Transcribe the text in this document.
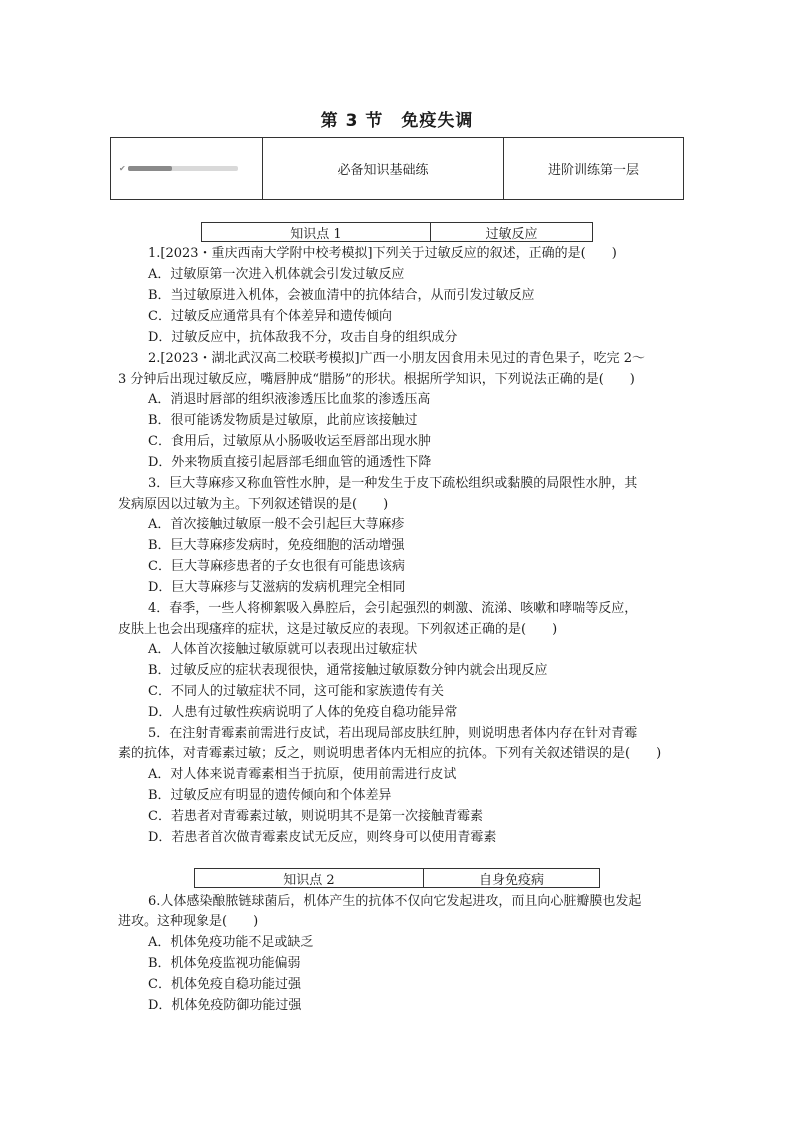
第 3 节　免疫失调
✔	必备知识基础练	进阶训练第一层
知识点 1	过敏反应
知识点 2	自身免疫病
1.[2023・重庆西南大学附中校考模拟]下列关于过敏反应的叙述，正确的是(　　)
A．过敏原第一次进入机体就会引发过敏反应
B．当过敏原进入机体，会被血清中的抗体结合，从而引发过敏反应
C．过敏反应通常具有个体差异和遗传倾向
D．过敏反应中，抗体敌我不分，攻击自身的组织成分
2.[2023・湖北武汉高二校联考模拟]广西一小朋友因食用未见过的青色果子，吃完 2～
3 分钟后出现过敏反应，嘴唇肿成“腊肠”的形状。根据所学知识，下列说法正确的是(　　)
A．消退时唇部的组织液渗透压比血浆的渗透压高
B．很可能诱发物质是过敏原，此前应该接触过
C．食用后，过敏原从小肠吸收运至唇部出现水肿
D．外来物质直接引起唇部毛细血管的通透性下降
3．巨大荨麻疹又称血管性水肿，是一种发生于皮下疏松组织或黏膜的局限性水肿，其
发病原因以过敏为主。下列叙述错误的是(　　)
A．首次接触过敏原一般不会引起巨大荨麻疹
B．巨大荨麻疹发病时，免疫细胞的活动增强
C．巨大荨麻疹患者的子女也很有可能患该病
D．巨大荨麻疹与艾滋病的发病机理完全相同
4．春季，一些人将柳絮吸入鼻腔后，会引起强烈的刺激、流涕、咳嗽和哮喘等反应，
皮肤上也会出现瘙痒的症状，这是过敏反应的表现。下列叙述正确的是(　　)
A．人体首次接触过敏原就可以表现出过敏症状
B．过敏反应的症状表现很快，通常接触过敏原数分钟内就会出现反应
C．不同人的过敏症状不同，这可能和家族遗传有关
D．人患有过敏性疾病说明了人体的免疫自稳功能异常
5．在注射青霉素前需进行皮试，若出现局部皮肤红肿，则说明患者体内存在针对青霉
素的抗体，对青霉素过敏；反之，则说明患者体内无相应的抗体。下列有关叙述错误的是(　　)
A．对人体来说青霉素相当于抗原，使用前需进行皮试
B．过敏反应有明显的遗传倾向和个体差异
C．若患者对青霉素过敏，则说明其不是第一次接触青霉素
D．若患者首次做青霉素皮试无反应，则终身可以使用青霉素
6.人体感染酿脓链球菌后，机体产生的抗体不仅向它发起进攻，而且向心脏瓣膜也发起
进攻。这种现象是(　　)
A．机体免疫功能不足或缺乏
B．机体免疫监视功能偏弱
C．机体免疫自稳功能过强
D．机体免疫防御功能过强
